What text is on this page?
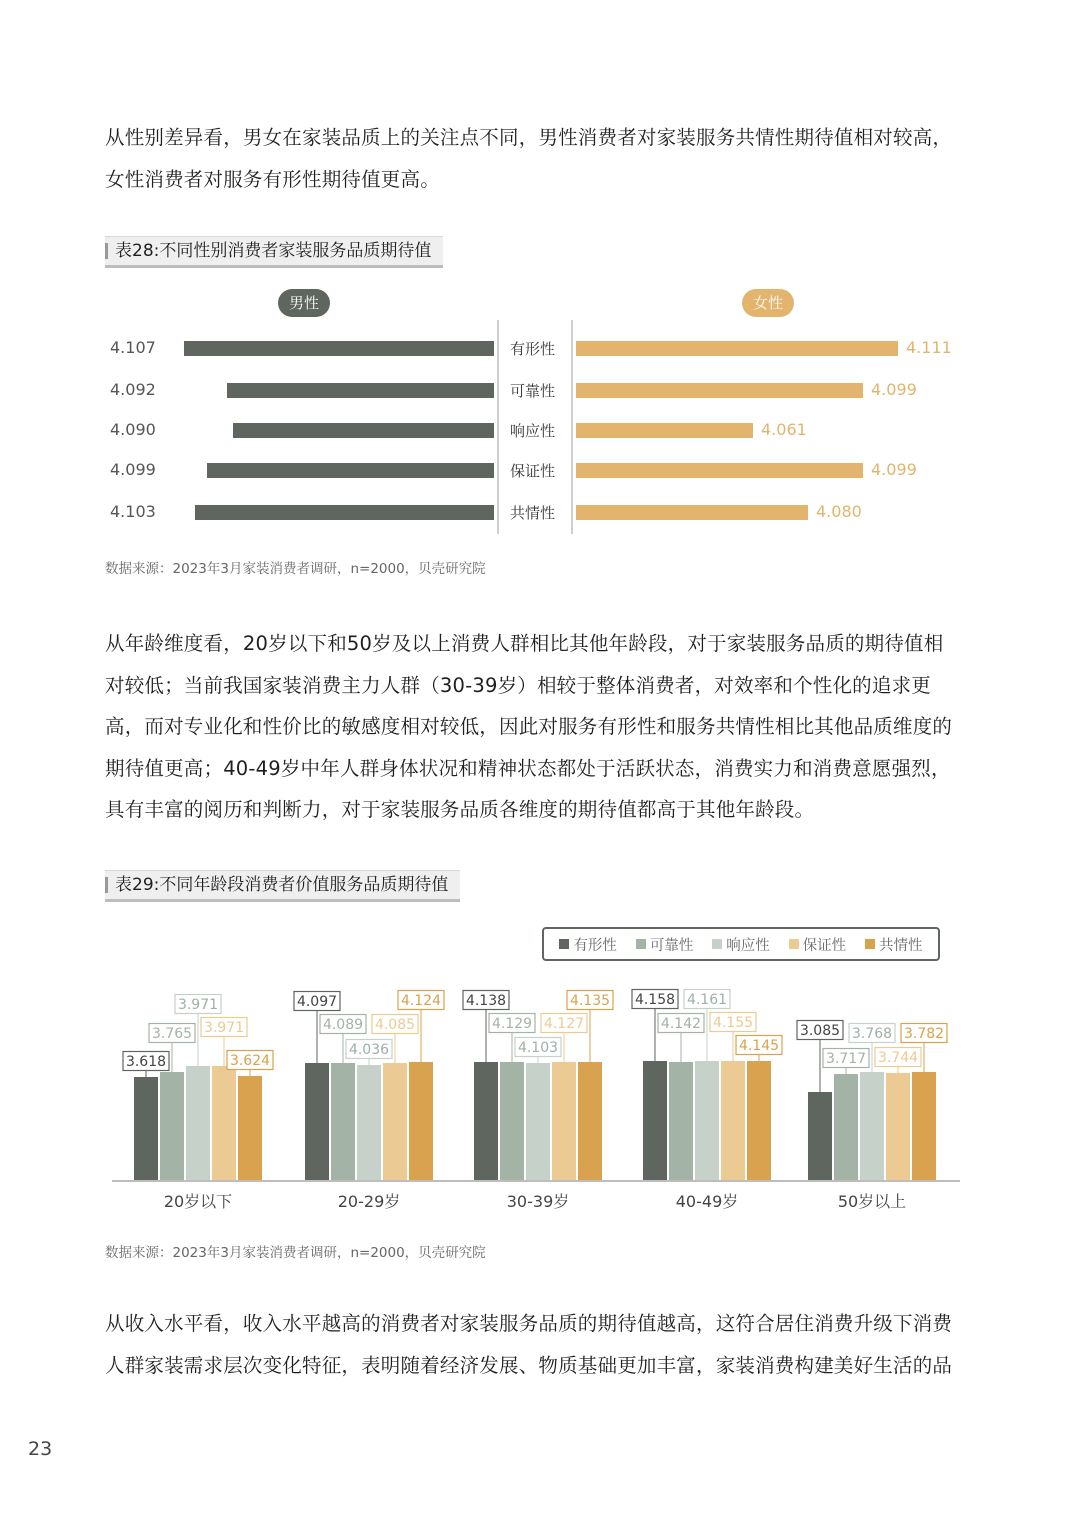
从性别差异看，男女在家装品质上的关注点不同，男性消费者对家装服务共情性期待值相对较高，
女性消费者对服务有形性期待值更高。
表28:不同性别消费者家装服务品质期待值
男性	女性
4.107	有形性	4.111
4.092	可靠性	4.099
4.090	响应性	4.061
4.099	保证性	4.099
4.103	共情性	4.080
数据来源：2023年3月家装消费者调研，n=2000，贝壳研究院
从年龄维度看，20岁以下和50岁及以上消费人群相比其他年龄段，对于家装服务品质的期待值相
对较低；当前我国家装消费主力人群（30-39岁）相较于整体消费者，对效率和个性化的追求更
高，而对专业化和性价比的敏感度相对较低，因此对服务有形性和服务共情性相比其他品质维度的
期待值更高；40-49岁中年人群身体状况和精神状态都处于活跃状态，消费实力和消费意愿强烈，
具有丰富的阅历和判断力，对于家装服务品质各维度的期待值都高于其他年龄段。
表29:不同年龄段消费者价值服务品质期待值
有形性 可靠性 响应性 保证性 共情性
3.618
3.765
3.971
3.971
3.624
20岁以下
4.097
4.089
4.036
4.085
4.124
20-29岁
4.138
4.129
4.103
4.127
4.135
30-39岁
4.158
4.142
4.161
4.155
4.145
40-49岁
3.085
3.717
3.768
3.744
3.782
50岁以上
数据来源：2023年3月家装消费者调研，n=2000，贝壳研究院
从收入水平看，收入水平越高的消费者对家装服务品质的期待值越高，这符合居住消费升级下消费
人群家装需求层次变化特征，表明随着经济发展、物质基础更加丰富，家装消费构建美好生活的品
23
